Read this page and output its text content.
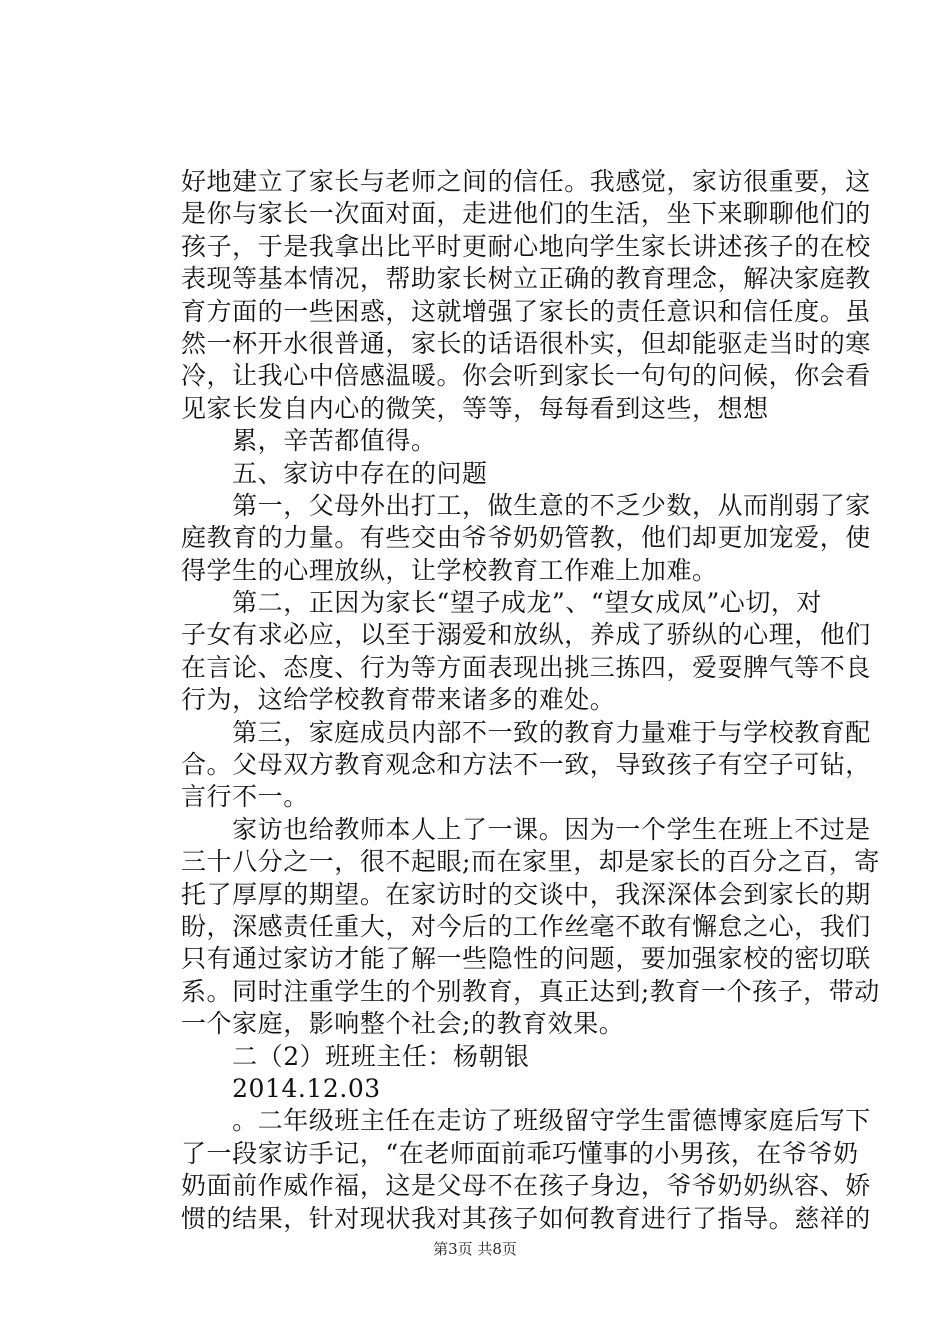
好地建立了家长与老师之间的信任。我感觉，家访很重要，这
是你与家长一次面对面，走进他们的生活，坐下来聊聊他们的
孩子，于是我拿出比平时更耐心地向学生家长讲述孩子的在校
表现等基本情况，帮助家长树立正确的教育理念，解决家庭教
育方面的一些困惑，这就增强了家长的责任意识和信任度。虽
然一杯开水很普通，家长的话语很朴实，但却能驱走当时的寒
冷，让我心中倍感温暖。你会听到家长一句句的问候，你会看
见家长发自内心的微笑，等等，每每看到这些，想想
　　累，辛苦都值得。
　　五、家访中存在的问题
　　第一，父母外出打工，做生意的不乏少数，从而削弱了家
庭教育的力量。有些交由爷爷奶奶管教，他们却更加宠爱，使
得学生的心理放纵，让学校教育工作难上加难。
　　第二，正因为家长“望子成龙”、“望女成凤”心切，对
子女有求必应，以至于溺爱和放纵，养成了骄纵的心理，他们
在言论、态度、行为等方面表现出挑三拣四，爱耍脾气等不良
行为，这给学校教育带来诸多的难处。
　　第三，家庭成员内部不一致的教育力量难于与学校教育配
合。父母双方教育观念和方法不一致，导致孩子有空子可钻，
言行不一。
　　家访也给教师本人上了一课。因为一个学生在班上不过是
三十八分之一，很不起眼;而在家里，却是家长的百分之百，寄
托了厚厚的期望。在家访时的交谈中，我深深体会到家长的期
盼，深感责任重大，对今后的工作丝毫不敢有懈怠之心，我们
只有通过家访才能了解一些隐性的问题，要加强家校的密切联
系。同时注重学生的个别教育，真正达到;教育一个孩子，带动
一个家庭，影响整个社会;的教育效果。
　　二（2）班班主任：杨朝银
　　2014.12.03
　　。二年级班主任在走访了班级留守学生雷德博家庭后写下
了一段家访手记，“在老师面前乖巧懂事的小男孩，在爷爷奶
奶面前作威作福，这是父母不在孩子身边，爷爷奶奶纵容、娇
惯的结果，针对现状我对其孩子如何教育进行了指导。慈祥的
第3页 共8页
